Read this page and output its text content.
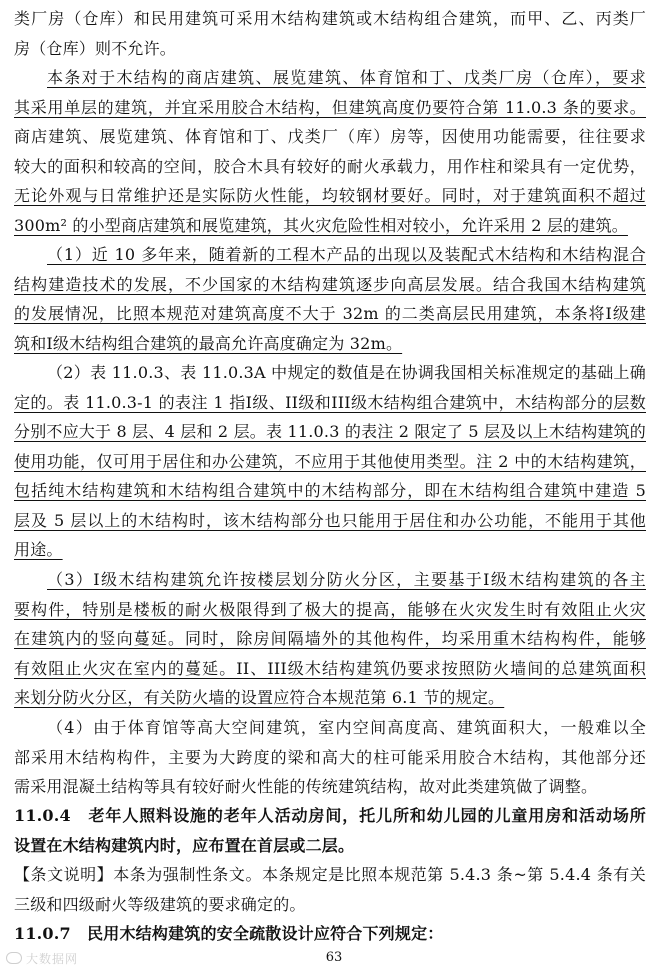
类厂房（仓库）和民用建筑可采用木结构建筑或木结构组合建筑，而甲、乙、丙类厂
房（仓库）则不允许。
本条对于木结构的商店建筑、展览建筑、体育馆和丁、戊类厂房（仓库），要求
其采用单层的建筑，并宜采用胶合木结构，但建筑高度仍要符合第 11.0.3 条的要求。
商店建筑、展览建筑、体育馆和丁、戊类厂（库）房等，因使用功能需要，往往要求
较大的面积和较高的空间，胶合木具有较好的耐火承载力，用作柱和梁具有一定优势，
无论外观与日常维护还是实际防火性能，均较钢材要好。同时，对于建筑面积不超过
300m² 的小型商店建筑和展览建筑，其火灾危险性相对较小，允许采用 2 层的建筑。
（1）近 10 多年来，随着新的工程木产品的出现以及装配式木结构和木结构混合
结构建造技术的发展，不少国家的木结构建筑逐步向高层发展。结合我国木结构建筑
的发展情况，比照本规范对建筑高度不大于 32m 的二类高层民用建筑，本条将I级建
筑和I级木结构组合建筑的最高允许高度确定为 32m。
（2）表 11.0.3、表 11.0.3A 中规定的数值是在协调我国相关标准规定的基础上确
定的。表 11.0.3-1 的表注 1 指I级、II级和III级木结构组合建筑中，木结构部分的层数
分别不应大于 8 层、4 层和 2 层。表 11.0.3 的表注 2 限定了 5 层及以上木结构建筑的
使用功能，仅可用于居住和办公建筑，不应用于其他使用类型。注 2 中的木结构建筑，
包括纯木结构建筑和木结构组合建筑中的木结构部分，即在木结构组合建筑中建造 5
层及 5 层以上的木结构时，该木结构部分也只能用于居住和办公功能，不能用于其他
用途。
（3）I级木结构建筑允许按楼层划分防火分区，主要基于I级木结构建筑的各主
要构件，特别是楼板的耐火极限得到了极大的提高，能够在火灾发生时有效阻止火灾
在建筑内的竖向蔓延。同时，除房间隔墙外的其他构件，均采用重木结构构件，能够
有效阻止火灾在室内的蔓延。II、III级木结构建筑仍要求按照防火墙间的总建筑面积
来划分防火分区，有关防火墙的设置应符合本规范第 6.1 节的规定。
（4）由于体育馆等高大空间建筑，室内空间高度高、建筑面积大，一般难以全
部采用木结构构件，主要为大跨度的梁和高大的柱可能采用胶合木结构，其他部分还
需采用混凝土结构等具有较好耐火性能的传统建筑结构，故对此类建筑做了调整。
11.0.4　老年人照料设施的老年人活动房间，托儿所和幼儿园的儿童用房和活动场所
设置在木结构建筑内时，应布置在首层或二层。
【条文说明】本条为强制性条文。本条规定是比照本规范第 5.4.3 条~第 5.4.4 条有关
三级和四级耐火等级建筑的要求确定的。
11.0.7　民用木结构建筑的安全疏散设计应符合下列规定：
大数据网	63
